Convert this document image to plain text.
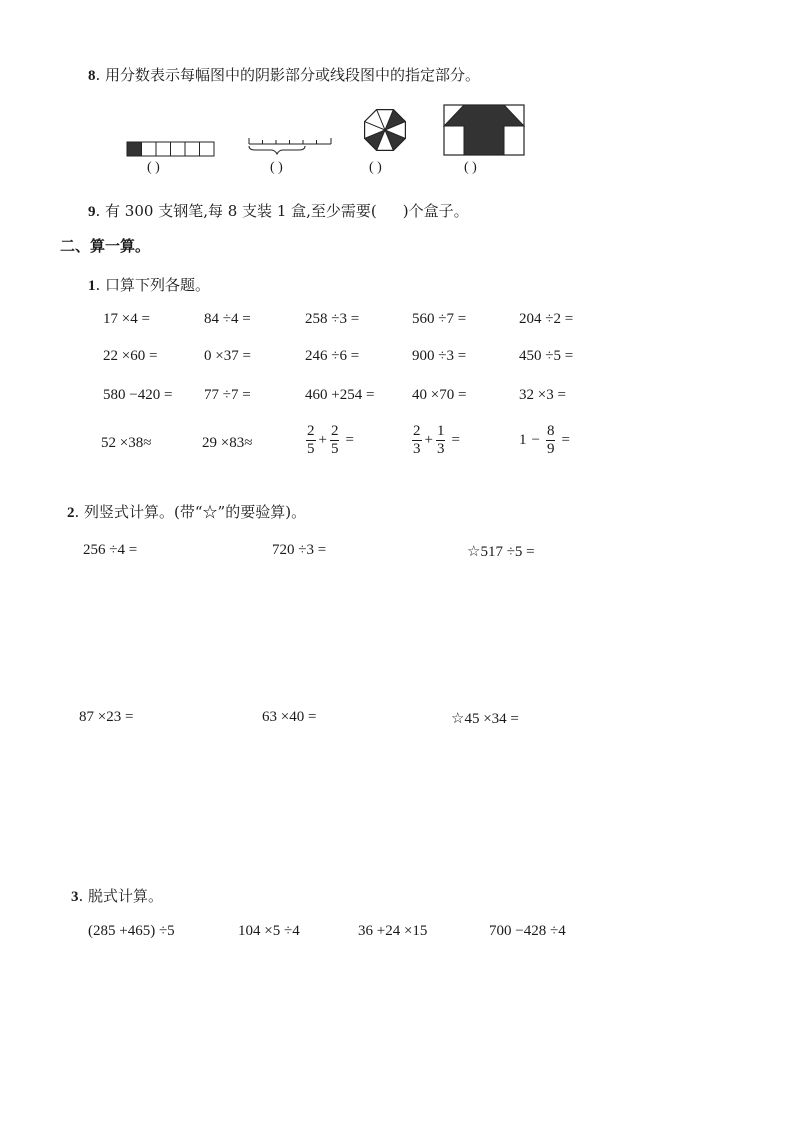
8. 用分数表示每幅图中的阴影部分或线段图中的指定部分。
( )	( )	( )	( )
9. 有 300 支钢笔,每 8 支装 1 盒,至少需要( )个盒子。
二、算一算。
1. 口算下列各题。
17 ×4 =	84 ÷4 =	258 ÷3 =	560 ÷7 =	204 ÷2 =
22 ×60 =	0 ×37 =	246 ÷6 =	900 ÷3 =	450 ÷5 =
580 −420 = 77 ÷7 =	460 +254 =	40 ×70 =	32 ×3 =
52 ×38≈	29 ×83≈	$\frac{2}{5} + \frac{2}{5}$ =	$\frac{2}{3} + \frac{1}{3}$ =	$1 - \frac{8}{9}$ =
2. 列竖式计算。(带“☆”的要验算)。
256 ÷4 =	720 ÷3 =	☆517 ÷5 =
87 ×23 =	63 ×40 =	☆45 ×34 =
3. 脱式计算。
(285 +465) ÷5	104 ×5 ÷4	36 +24 ×15	700 −428 ÷4
